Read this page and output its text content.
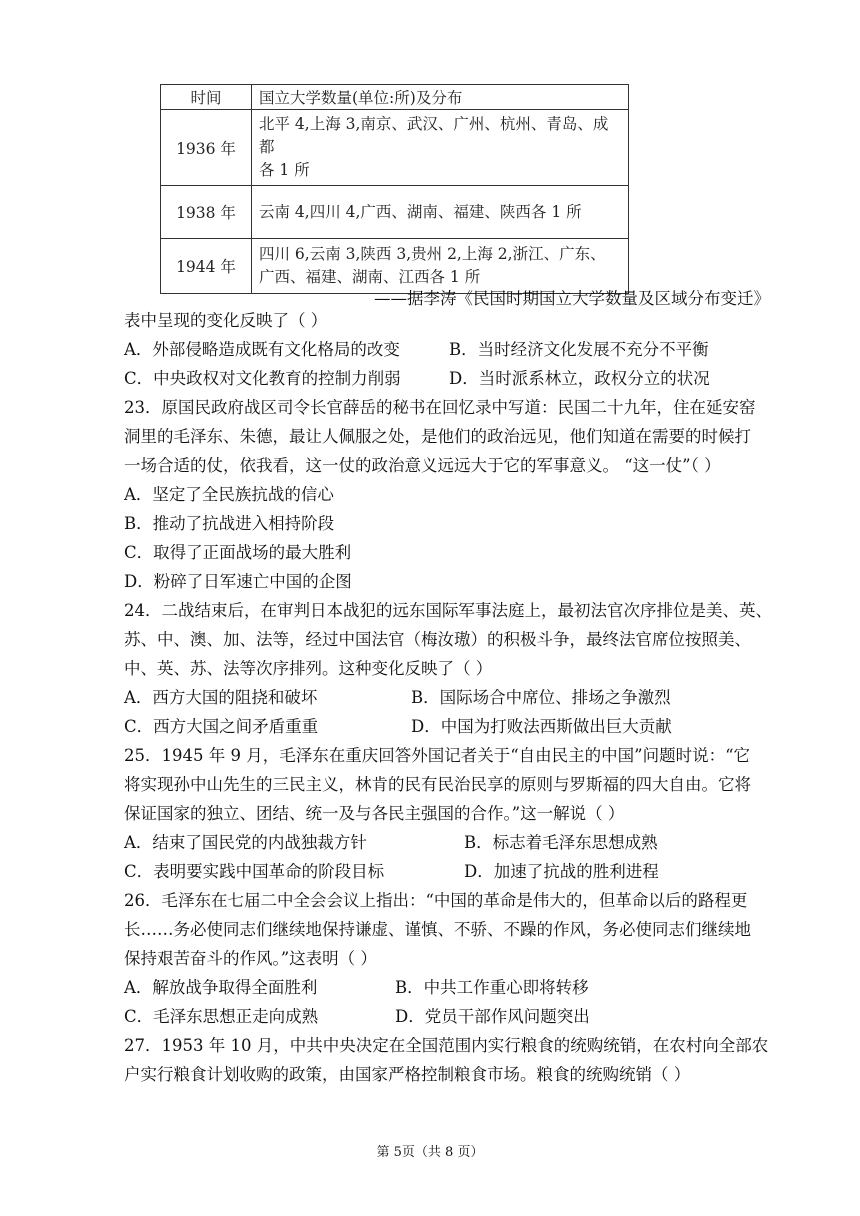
时间	国立大学数量(单位:所)及分布
1936 年	北平 4,上海 3,南京、武汉、广州、杭州、青岛、成都
各 1 所

1938 年	云南 4,四川 4,广西、湖南、福建、陕西各 1 所

1944 年	四川 6,云南 3,陕西 3,贵州 2,上海 2,浙江、广东、
广西、福建、湖南、江西各 1 所
——据李涛《民国时期国立大学数量及区域分布变迁》
表中呈现的变化反映了（ ）
A．外部侵略造成既有文化格局的改变	B．当时经济文化发展不充分不平衡
C．中央政权对文化教育的控制力削弱	D．当时派系林立，政权分立的状况
23．原国民政府战区司令长官薛岳的秘书在回忆录中写道：民国二十九年，住在延安窑
洞里的毛泽东、朱德，最让人佩服之处，是他们的政治远见，他们知道在需要的时候打
一场合适的仗，依我看，这一仗的政治意义远远大于它的军事意义。 “这一仗”（ ）
A．坚定了全民族抗战的信心
B．推动了抗战进入相持阶段
C．取得了正面战场的最大胜利
D．粉碎了日军速亡中国的企图
24．二战结束后，在审判日本战犯的远东国际军事法庭上，最初法官次序排位是美、英、
苏、中、澳、加、法等，经过中国法官（梅汝璈）的积极斗争，最终法官席位按照美、
中、英、苏、法等次序排列。这种变化反映了（ ）
A．西方大国的阻挠和破坏	B．国际场合中席位、排场之争激烈
C．西方大国之间矛盾重重	D．中国为打败法西斯做出巨大贡献
25．1945 年 9 月，毛泽东在重庆回答外国记者关于“自由民主的中国”问题时说：“它
将实现孙中山先生的三民主义，林肯的民有民治民享的原则与罗斯福的四大自由。它将
保证国家的独立、团结、统一及与各民主强国的合作。”这一解说（ ）
A．结束了国民党的内战独裁方针	B．标志着毛泽东思想成熟
C．表明要实践中国革命的阶段目标	D．加速了抗战的胜利进程
26．毛泽东在七届二中全会会议上指出：“中国的革命是伟大的，但革命以后的路程更
长……务必使同志们继续地保持谦虚、谨慎、不骄、不躁的作风，务必使同志们继续地
保持艰苦奋斗的作风。”这表明（ ）
A．解放战争取得全面胜利	B．中共工作重心即将转移
C．毛泽东思想正走向成熟	D．党员干部作风问题突出
27．1953 年 10 月，中共中央决定在全国范围内实行粮食的统购统销，在农村向全部农
户实行粮食计划收购的政策，由国家严格控制粮食市场。粮食的统购统销（ ）
第 5页（共 8 页）
